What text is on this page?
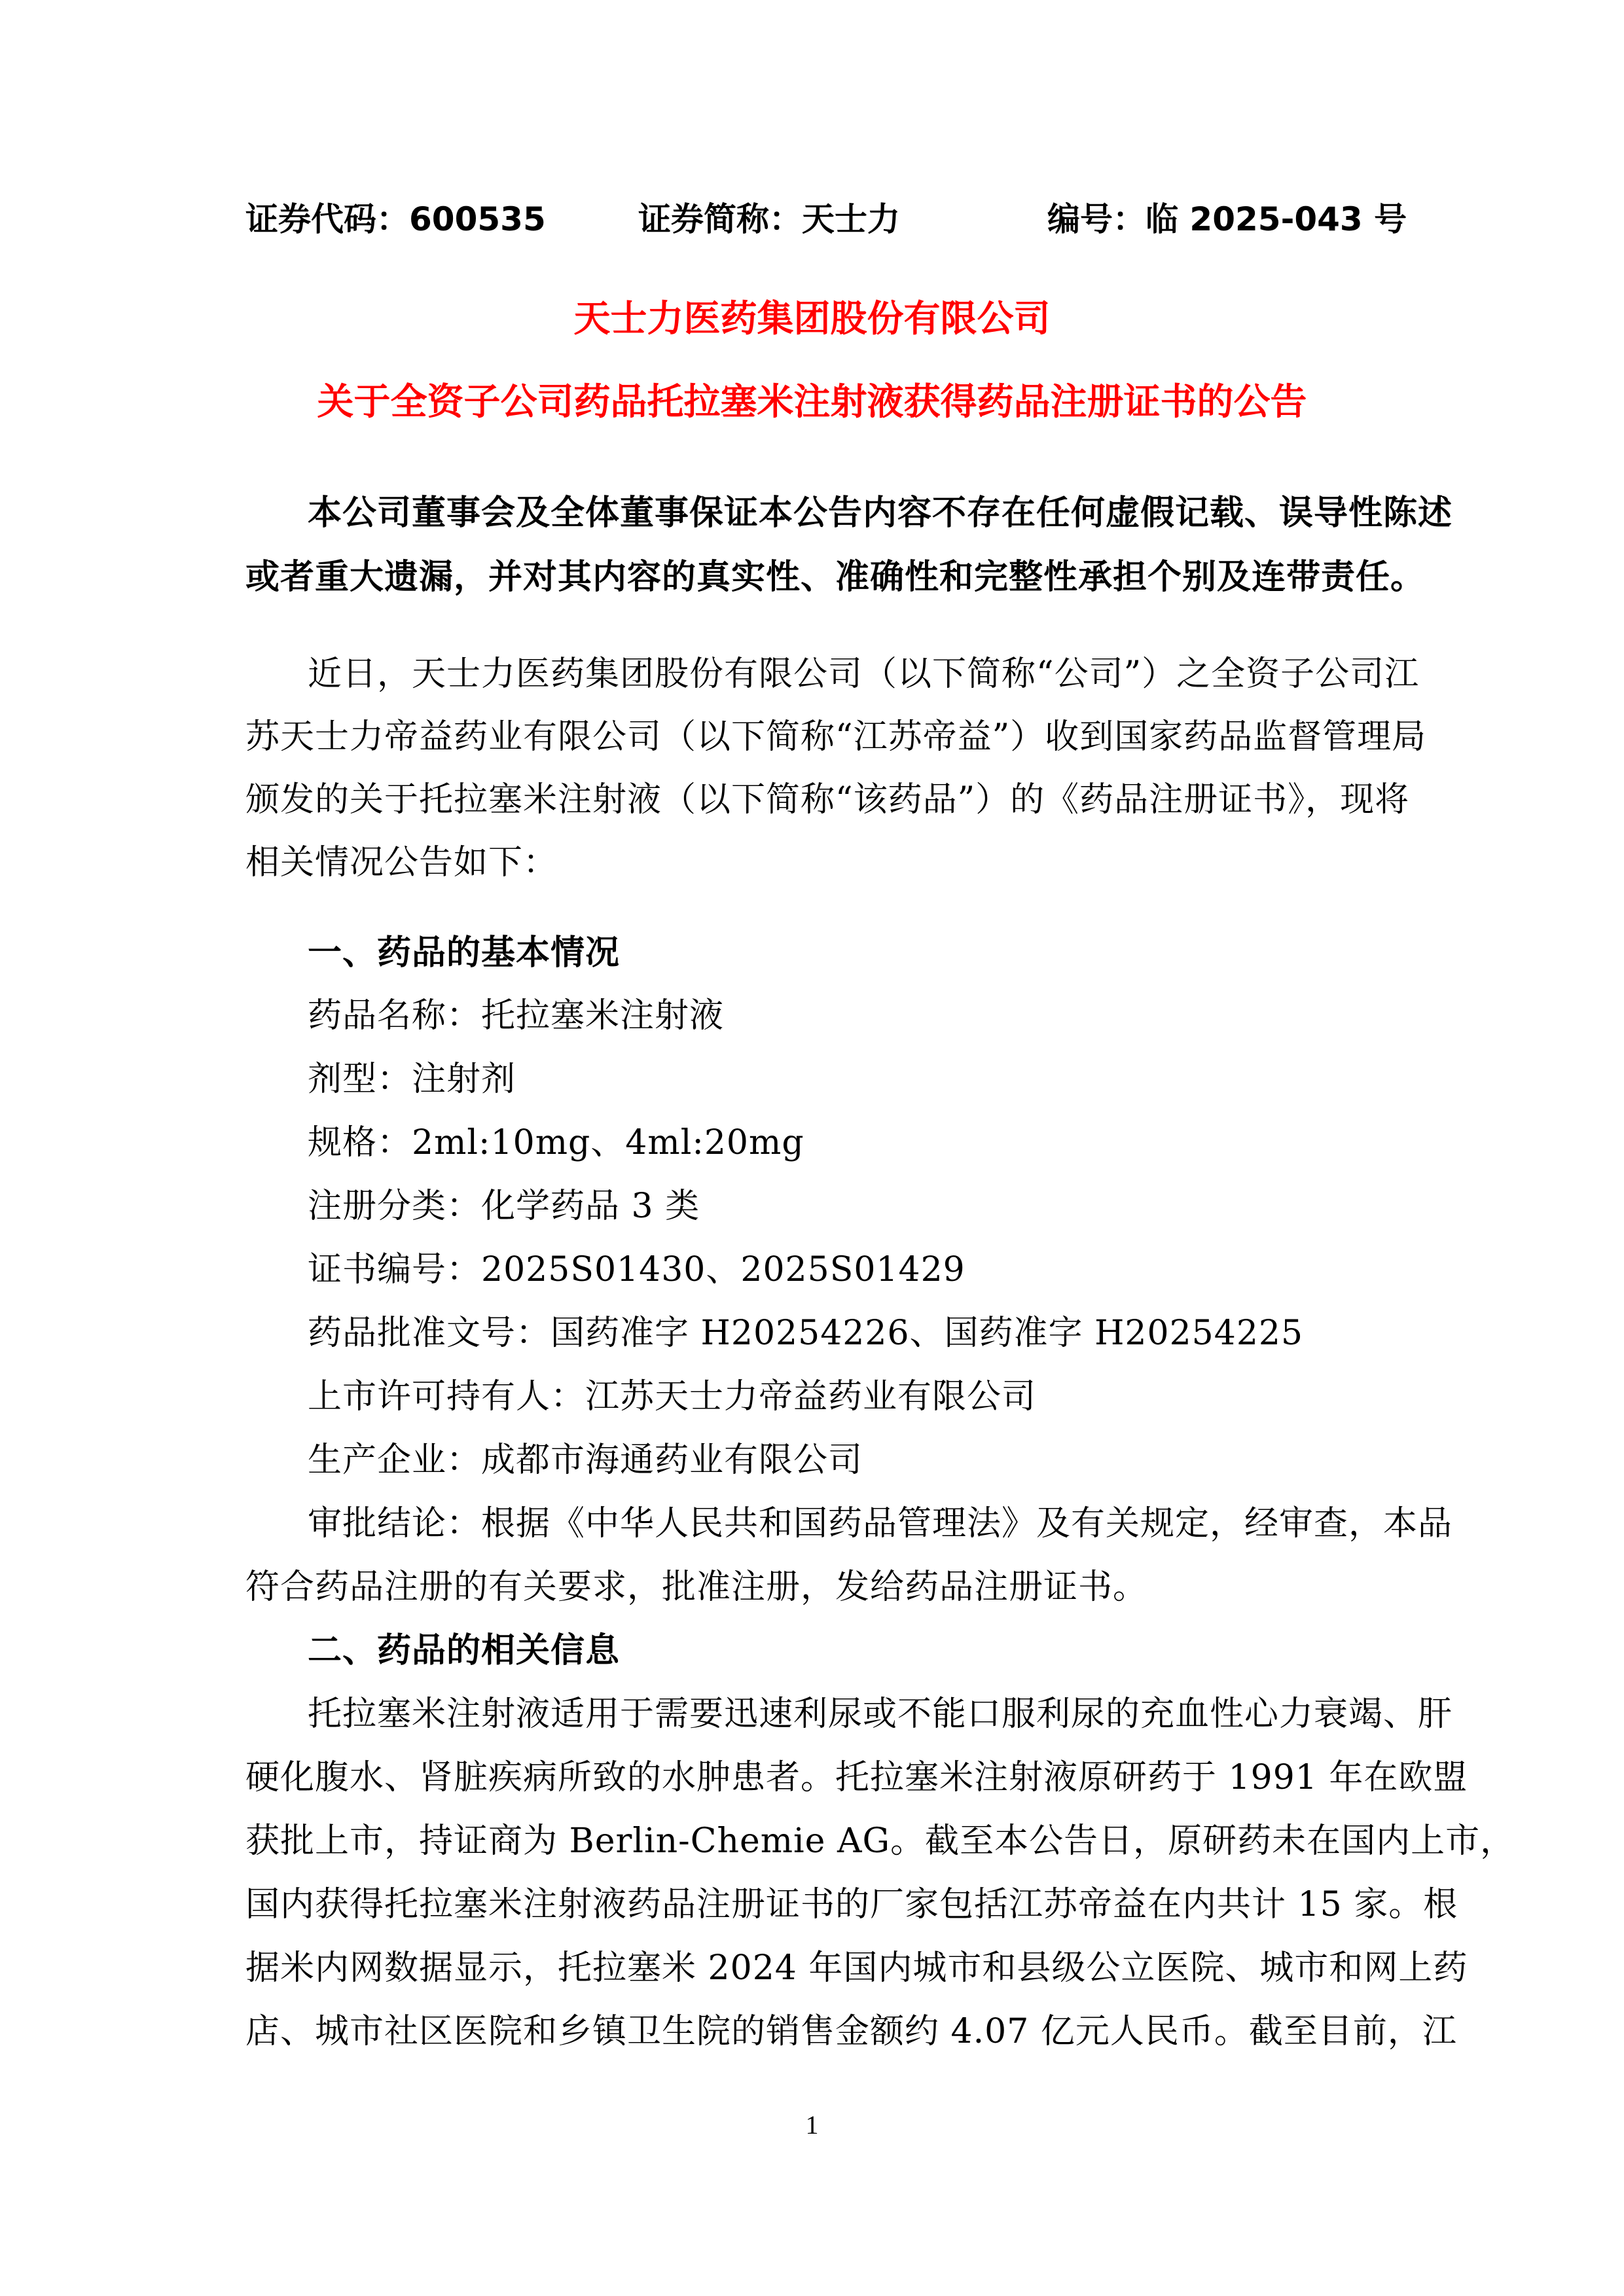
证券代码：600535	证券简称：天士力	编号：临 2025-043 号
天士力医药集团股份有限公司
关于全资子公司药品托拉塞米注射液获得药品注册证书的公告
本公司董事会及全体董事保证本公告内容不存在任何虚假记载、误导性陈述
或者重大遗漏，并对其内容的真实性、准确性和完整性承担个别及连带责任。
近日，天士力医药集团股份有限公司（以下简称“公司”）之全资子公司江
苏天士力帝益药业有限公司（以下简称“江苏帝益”）收到国家药品监督管理局
颁发的关于托拉塞米注射液（以下简称“该药品”）的《药品注册证书》，现将
相关情况公告如下：
一、药品的基本情况
药品名称：托拉塞米注射液
剂型：注射剂
规格：2ml:10mg、4ml:20mg
注册分类：化学药品 3 类
证书编号：2025S01430、2025S01429
药品批准文号：国药准字 H20254226、国药准字 H20254225
上市许可持有人：江苏天士力帝益药业有限公司
生产企业：成都市海通药业有限公司
审批结论：根据《中华人民共和国药品管理法》及有关规定，经审查，本品
符合药品注册的有关要求，批准注册，发给药品注册证书。
二、药品的相关信息
托拉塞米注射液适用于需要迅速利尿或不能口服利尿的充血性心力衰竭、肝
硬化腹水、肾脏疾病所致的水肿患者。托拉塞米注射液原研药于 1991 年在欧盟
获批上市，持证商为 Berlin-Chemie AG。截至本公告日，原研药未在国内上市，
国内获得托拉塞米注射液药品注册证书的厂家包括江苏帝益在内共计 15 家。根
据米内网数据显示，托拉塞米 2024 年国内城市和县级公立医院、城市和网上药
店、城市社区医院和乡镇卫生院的销售金额约 4.07 亿元人民币。截至目前，江
1
